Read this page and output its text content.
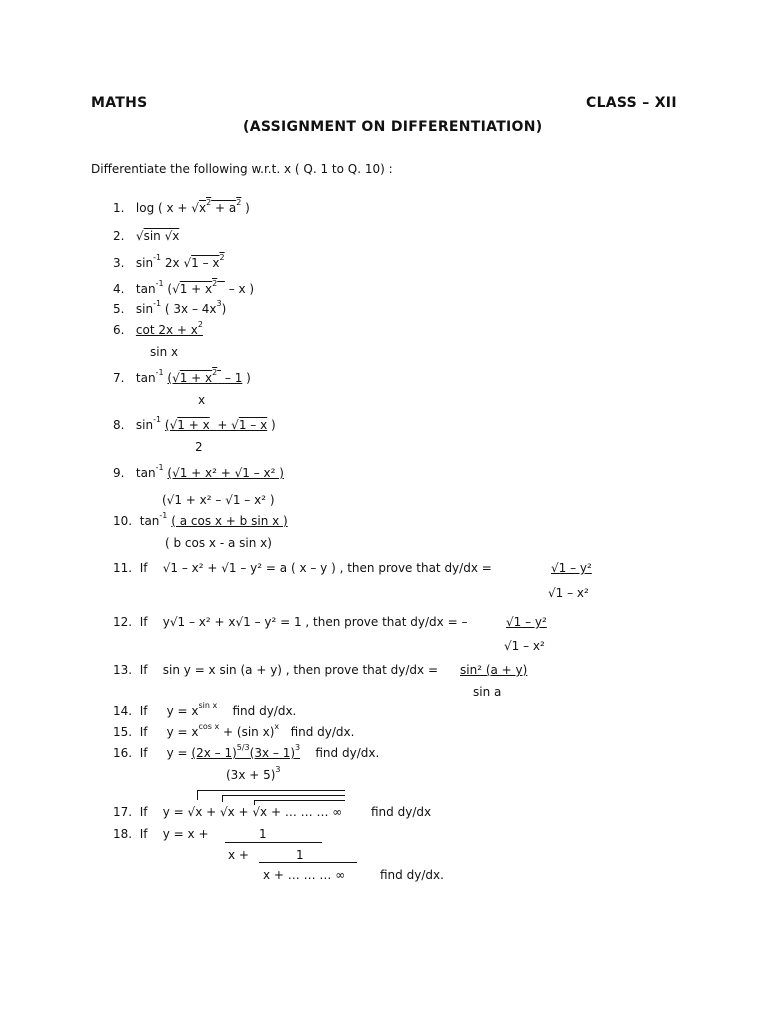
MATHS	CLASS – XII
(ASSIGNMENT ON DIFFERENTIATION)
Differentiate the following w.r.t. x ( Q. 1 to Q. 10) :
1. log ( $x + √x^2 + a^2$ )
2. √sin √x
3. $\sin^{-1} 2x$ $√1 - x^2$
4. $\tan^{-1} (√1 + x^2 - x$ )
5. $\sin^{-1}$ ( $3x - 4x^3$)
6. $\cot 2x + x^2$
sin x
7. $\tan^{-1} (√1 + x^2 - 1$ )
x
8. $\sin^{-1} (√1 + x + √1 - x$ )
2
9. $\tan^{-1} (√1 + x^2 + √1 - x^2$ )
(√1 + x² – √1 – x² )
10. $\tan^{-1}$ ( a cos x + b sin x )
( b cos x - a sin x)
11. If √1 – x² + √1 – y² = a ( x – y ) , then prove that dy/dx =	√1 – y²
√1 – x²
12. If y√1 – x² + x√1 – y² = 1 , then prove that dy/dx = –	√1 – y²
√1 – x²
13. If sin y = x sin (a + y) , then prove that dy/dx = sin² (a + y)
sin a
14. If $y = x^{sin x}$ find dy/dx.
15. If $y = x^{cos x} + (\sin$ x)$^x$ find dy/dx.
16. If y = (2x – 1)$^{5/3}$(3x – 1)$^3$ find dy/dx.
$(3x + 5)^3$
17. If y = √x + √x + √x + … … … ∞ find dy/dx
18. If y = x +	1
x +	1
x + … … … ∞	find dy/dx.
